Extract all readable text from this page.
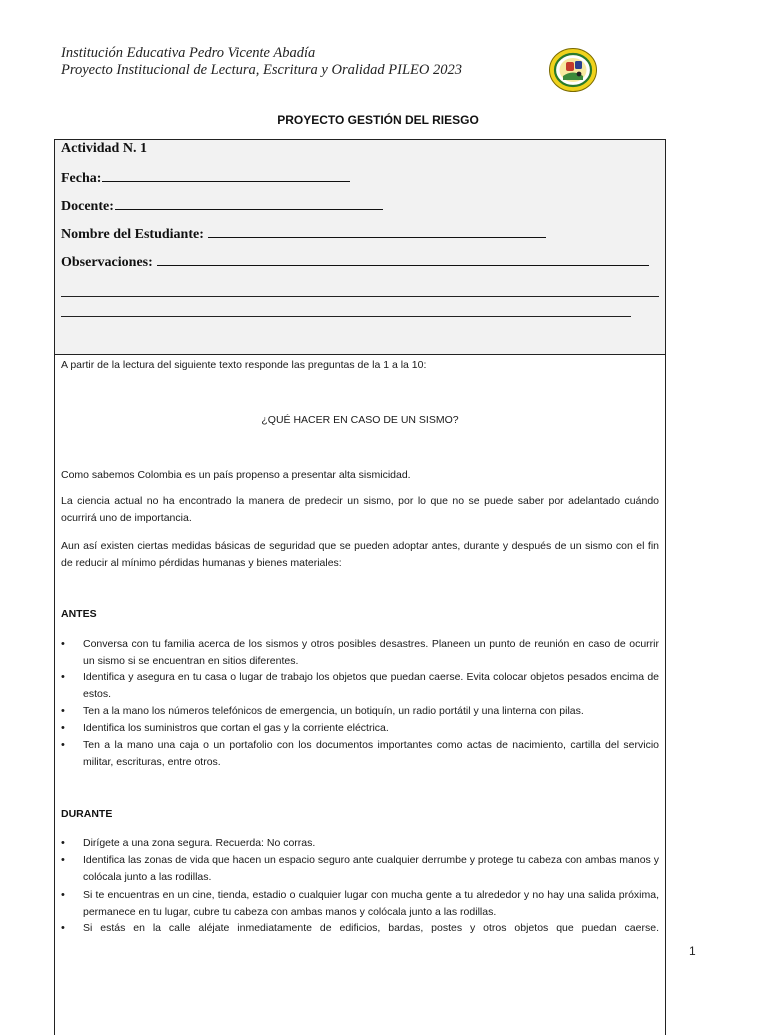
Institución Educativa Pedro Vicente Abadía
Proyecto Institucional de Lectura, Escritura y Oralidad PILEO 2023
PROYECTO GESTIÓN DEL RIESGO
Actividad N. 1
Fecha:
Docente:
Nombre del Estudiante:
Observaciones:
A partir de la lectura del siguiente texto responde las preguntas de la 1 a la 10:
¿QUÉ HACER EN CASO DE UN SISMO?
Como sabemos Colombia es un país propenso a presentar alta sismicidad.
La ciencia actual no ha encontrado la manera de predecir un sismo, por lo que no se puede saber por adelantado cuándo ocurrirá uno de importancia.
Aun así existen ciertas medidas básicas de seguridad que se pueden adoptar antes, durante y después de un sismo con el fin de reducir al mínimo pérdidas humanas y bienes materiales:
ANTES
•	Conversa con tu familia acerca de los sismos y otros posibles desastres. Planeen un punto de reunión en caso de ocurrir un sismo si se encuentran en sitios diferentes.
•	Identifica y asegura en tu casa o lugar de trabajo los objetos que puedan caerse. Evita colocar objetos pesados encima de estos.
•	Ten a la mano los números telefónicos de emergencia, un botiquín, un radio portátil y una linterna con pilas.
•	Identifica los suministros que cortan el gas y la corriente eléctrica.
•	Ten a la mano una caja o un portafolio con los documentos importantes como actas de nacimiento, cartilla del servicio militar, escrituras, entre otros.
DURANTE
•	Dirígete a una zona segura. Recuerda: No corras.
•	Identifica las zonas de vida que hacen un espacio seguro ante cualquier derrumbe y protege tu cabeza con ambas manos y colócala junto a las rodillas.
•	Si te encuentras en un cine, tienda, estadio o cualquier lugar con mucha gente a tu alrededor y no hay una salida próxima, permanece en tu lugar, cubre tu cabeza con ambas manos y colócala junto a las rodillas.
•	Si estás en la calle aléjate inmediatamente de edificios, bardas, postes y otros objetos que puedan caerse.
1
